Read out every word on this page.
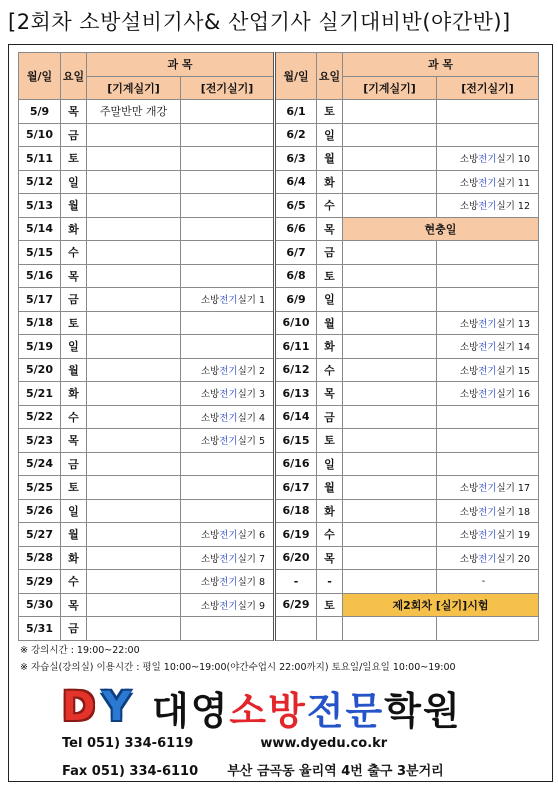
[2회차 소방설비기사& 산업기사 실기대비반(야간반)]
월/일	요일	과 목		월/일	요일	과 목	
		[기계실기]	[전기실기]			[기계실기]	[전기실기]
5/9	목	주말반만 개강		6/1	토		
5/10	금			6/2	일		
5/11	토			6/3	월		소방전기실기 10
5/12	일			6/4	화		소방전기실기 11
5/13	월			6/5	수		소방전기실기 12
5/14	화			6/6	목	현충일	
5/15	수			6/7	금		
5/16	목			6/8	토		
5/17	금		소방전기실기 1	6/9	일		
5/18	토			6/10	월		소방전기실기 13
5/19	일			6/11	화		소방전기실기 14
5/20	월		소방전기실기 2	6/12	수		소방전기실기 15
5/21	화		소방전기실기 3	6/13	목		소방전기실기 16
5/22	수		소방전기실기 4	6/14	금		
5/23	목		소방전기실기 5	6/15	토		
5/24	금			6/16	일		
5/25	토			6/17	월		소방전기실기 17
5/26	일			6/18	화		소방전기실기 18
5/27	월		소방전기실기 6	6/19	수		소방전기실기 19
5/28	화		소방전기실기 7	6/20	목		소방전기실기 20
5/29	수		소방전기실기 8	-	-		-
5/30	목		소방전기실기 9	6/29	토	제2회차 [실기]시험	
5/31	금						
※ 강의시간 : 19:00~22:00
※ 자습실(강의실) 이용시간 : 평일 10:00~19:00(야간수업시 22:00까지) 토요일/일요일 10:00~19:00
D Y 대영소방전문학원
Tel 051) 334-6119	www.dyedu.co.kr
Fax 051) 334-6110 부산 금곡동 율리역 4번 출구 3분거리
